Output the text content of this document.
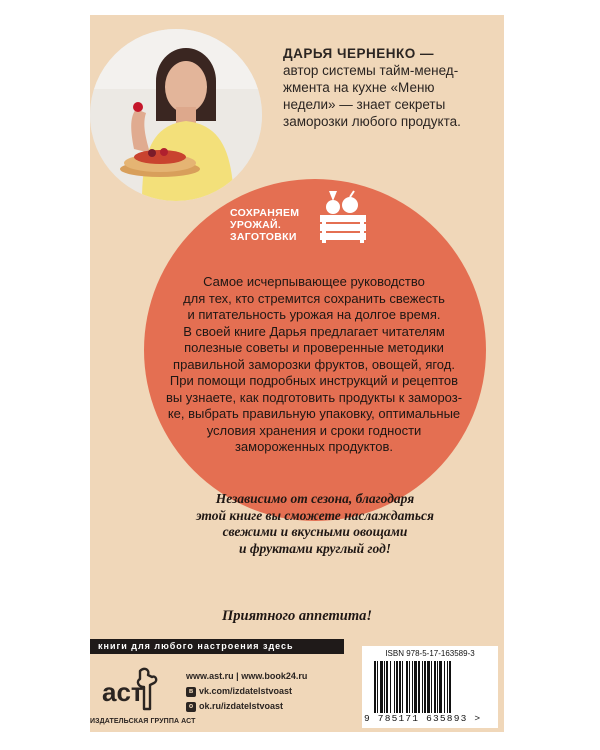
ДАРЬЯ ЧЕРНЕНКО —
автор системы тайм-менед-
жмента на кухне «Меню
недели» — знает секреты
заморозки любого продукта.
СОХРАНЯЕМ
УРОЖАЙ.
ЗАГОТОВКИ
Самое исчерпывающее руководство
для тех, кто стремится сохранить свежесть
и питательность урожая на долгое время.
В своей книге Дарья предлагает читателям
полезные советы и проверенные методики
правильной заморозки фруктов, овощей, ягод.
При помощи подробных инструкций и рецептов
вы узнаете, как подготовить продукты к замороз-
ке, выбрать правильную упаковку, оптимальные
условия хранения и сроки годности
замороженных продуктов.
Независимо от сезона, благодаря
этой книге вы сможете наслаждаться
свежими и вкусными овощами
и фруктами круглый год!
Приятного аппетита!
книги для любого настроения здесь
аст
ИЗДАТЕЛЬСКАЯ ГРУППА АСТ
www.ast.ru | www.book24.ru
в vk.com/izdatelstvoast
о ok.ru/izdatelstvoast
ISBN 978-5-17-163589-3
9 785171 635893 >
